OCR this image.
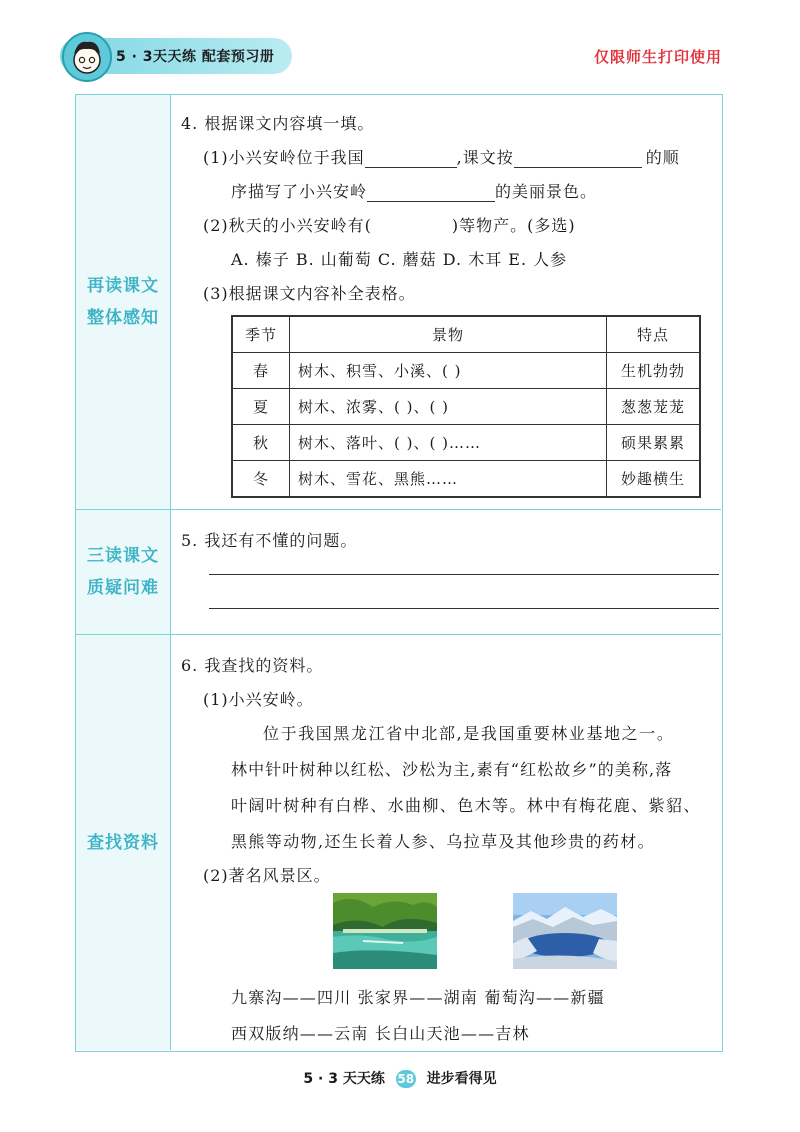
5 · 3天天练 配套预习册	仅限师生打印使用
再读课文
整体感知
4. 根据课文内容填一填。
(1)小兴安岭位于我国	,课文按	的顺
序描写了小兴安岭	的美丽景色。
(2)秋天的小兴安岭有(	)等物产。(多选)
A. 榛子 B. 山葡萄 C. 蘑菇 D. 木耳 E. 人参
(3)根据课文内容补全表格。
季节	景物	特点
春	树木、积雪、小溪、( )	生机勃勃
夏	树木、浓雾、( )、( )	葱葱茏茏
秋	树木、落叶、( )、( )……	硕果累累
冬	树木、雪花、黑熊……	妙趣横生
三读课文
质疑问难
5. 我还有不懂的问题。
查找资料
6. 我查找的资料。
(1)小兴安岭。
位于我国黑龙江省中北部,是我国重要林业基地之一。
林中针叶树种以红松、沙松为主,素有“红松故乡”的美称,落
叶阔叶树种有白桦、水曲柳、色木等。林中有梅花鹿、紫貂、
黑熊等动物,还生长着人参、乌拉草及其他珍贵的药材。
(2)著名风景区。
九寨沟——四川 张家界——湖南 葡萄沟——新疆
西双版纳——云南 长白山天池——吉林
5 · 3 天天练 58 进步看得见
